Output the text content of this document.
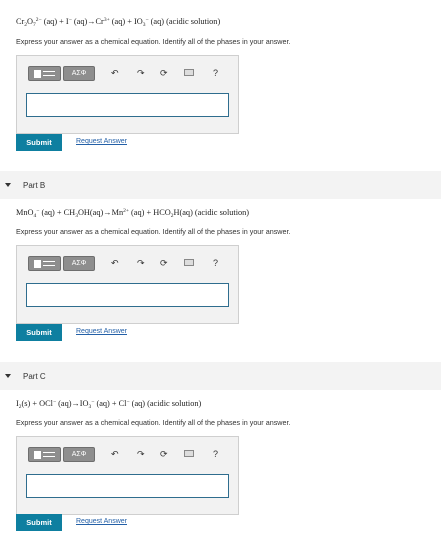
$Cr_2O_7^{2-}$ (aq) + I− $(aq)\to Cr^{3+}$ $(aq) + IO_3^-$ (aq) (acidic solution)
Express your answer as a chemical equation. Identify all of the phases in your answer.
ΑΣΦ	↶ ↷ ⟳	?
Submit	Request Answer
Part B
MnO$_4$− $(aq) + CH_3OH(aq)\to Mn^{2+}$ $(aq) + HCO_2H(aq)$ (acidic solution)
Express your answer as a chemical equation. Identify all of the phases in your answer.
ΑΣΦ	↶ ↷ ⟳	?
Submit	Request Answer
Part C
$I_2(s) + OCl^-$ $(aq)\to IO_3^-$ (aq) + Cl− (aq) (acidic solution)
Express your answer as a chemical equation. Identify all of the phases in your answer.
ΑΣΦ	↶ ↷ ⟳	?
Submit	Request Answer
